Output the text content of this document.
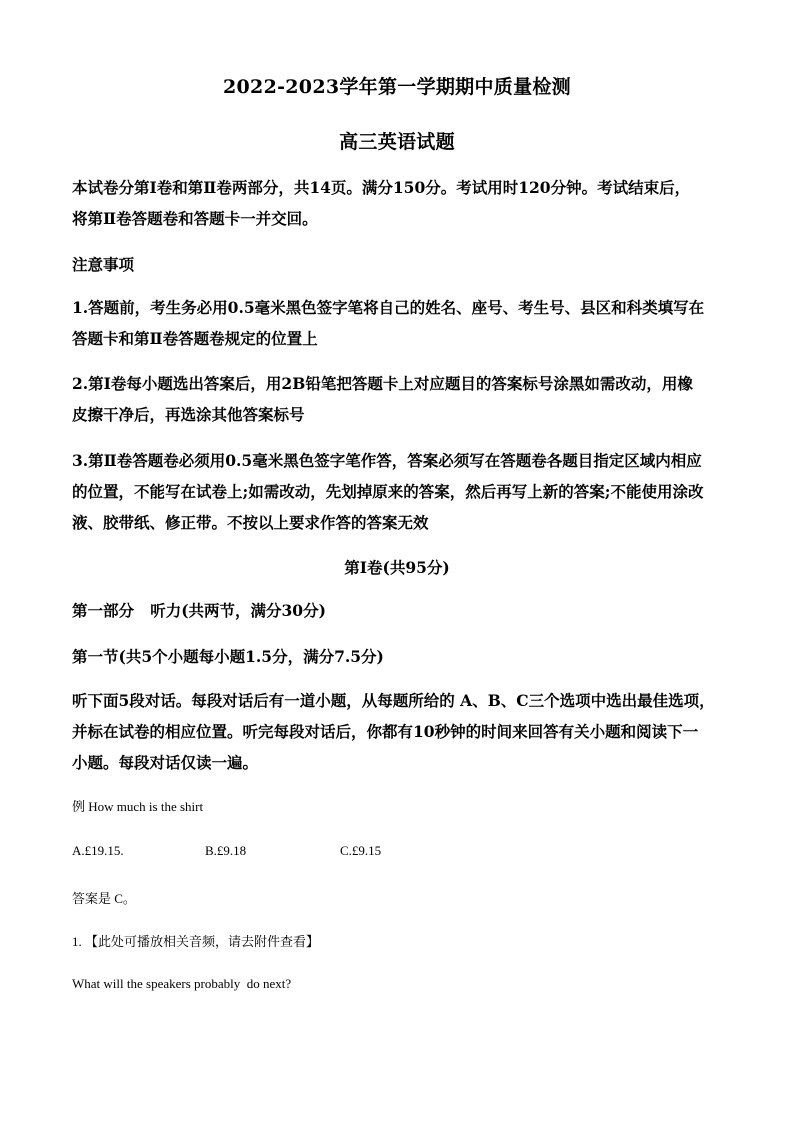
2022-2023学年第一学期期中质量检测
高三英语试题
本试卷分第Ⅰ卷和第Ⅱ卷两部分，共14页。满分150分。考试用时120分钟。考试结束后，
将第Ⅱ卷答题卷和答题卡一并交回。
注意事项
1.答题前，考生务必用0.5毫米黑色签字笔将自己的姓名、座号、考生号、县区和科类填写在
答题卡和第Ⅱ卷答题卷规定的位置上
2.第Ⅰ卷每小题选出答案后，用2B铅笔把答题卡上对应题目的答案标号涂黑如需改动，用橡
皮擦干净后，再选涂其他答案标号
3.第Ⅱ卷答题卷必须用0.5毫米黑色签字笔作答，答案必须写在答题卷各题目指定区域内相应
的位置，不能写在试卷上;如需改动，先划掉原来的答案，然后再写上新的答案;不能使用涂改
液、胶带纸、修正带。不按以上要求作答的答案无效
第Ⅰ卷(共95分)
第一部分   听力(共两节，满分30分)
第一节(共5个小题每小题1.5分，满分7.5分)
听下面5段对话。每段对话后有一道小题，从每题所给的 A、B、C三个选项中选出最佳选项，
并标在试卷的相应位置。听完每段对话后，你都有10秒钟的时间来回答有关小题和阅读下一
小题。每段对话仅读一遍。
例 How much is the shirt
A.£19.15.	B.£9.18	C.£9.15
答案是 C。
1. 【此处可播放相关音频，请去附件查看】
What will the speakers probably  do next?
